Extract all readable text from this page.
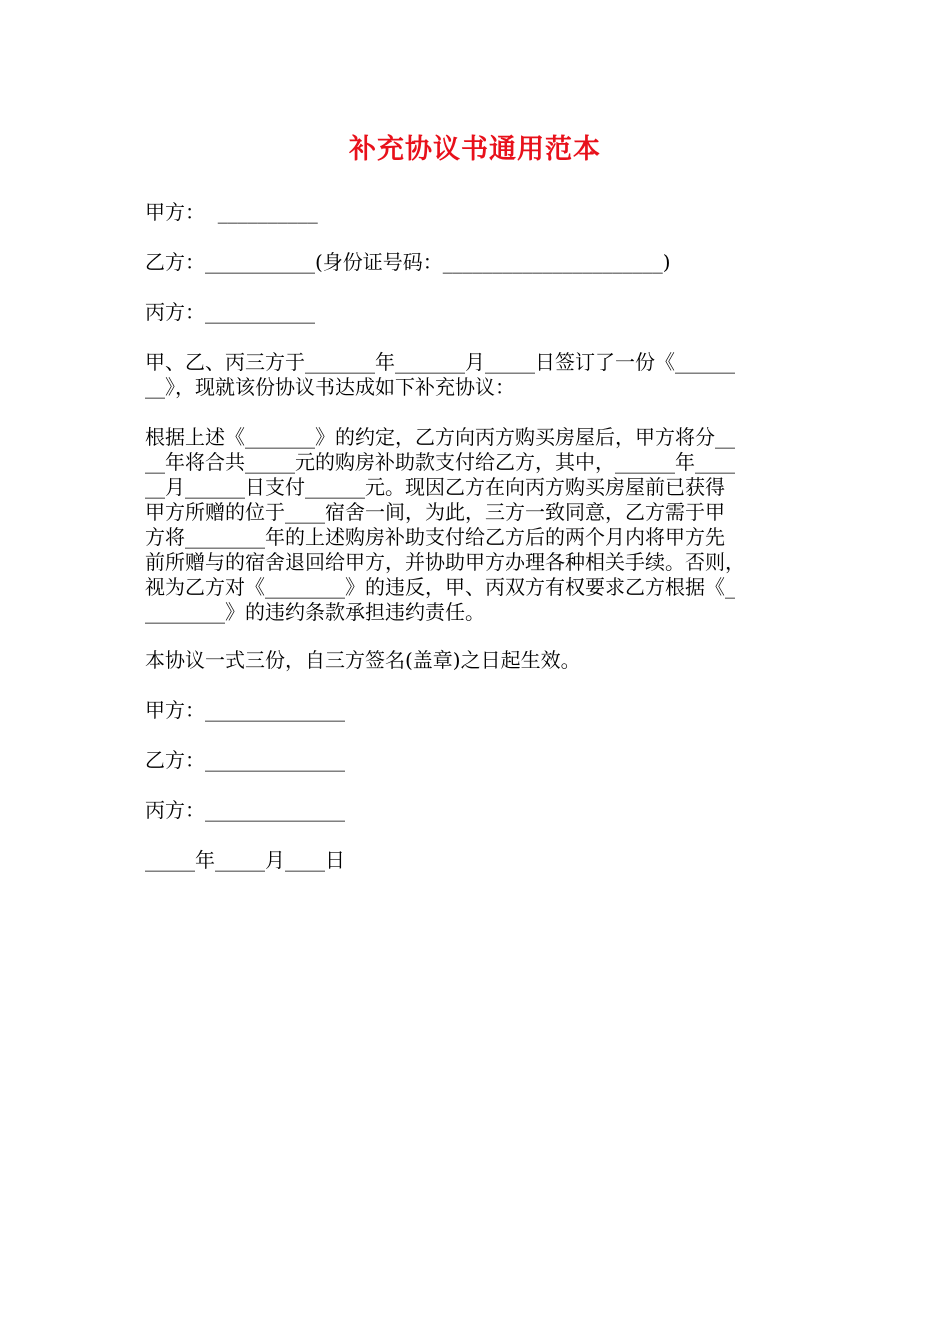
补充协议书通用范本
甲方：  __________
乙方：___________(身份证号码：______________________)
丙方：___________
甲、乙、丙三方于_______年_______月_____日签订了一份《______
__》，现就该份协议书达成如下补充协议：
根据上述《_______》的约定，乙方向丙方购买房屋后，甲方将分__
__年将合共_____元的购房补助款支付给乙方，其中，______年____
__月______日支付______元。现因乙方在向丙方购买房屋前已获得
甲方所赠的位于____宿舍一间，为此，三方一致同意，乙方需于甲
方将________年的上述购房补助支付给乙方后的两个月内将甲方先
前所赠与的宿舍退回给甲方，并协助甲方办理各种相关手续。否则，
视为乙方对《________》的违反，甲、丙双方有权要求乙方根据《_
________》的违约条款承担违约责任。
本协议一式三份，自三方签名(盖章)之日起生效。
甲方：______________
乙方：______________
丙方：______________
_____年_____月____日
